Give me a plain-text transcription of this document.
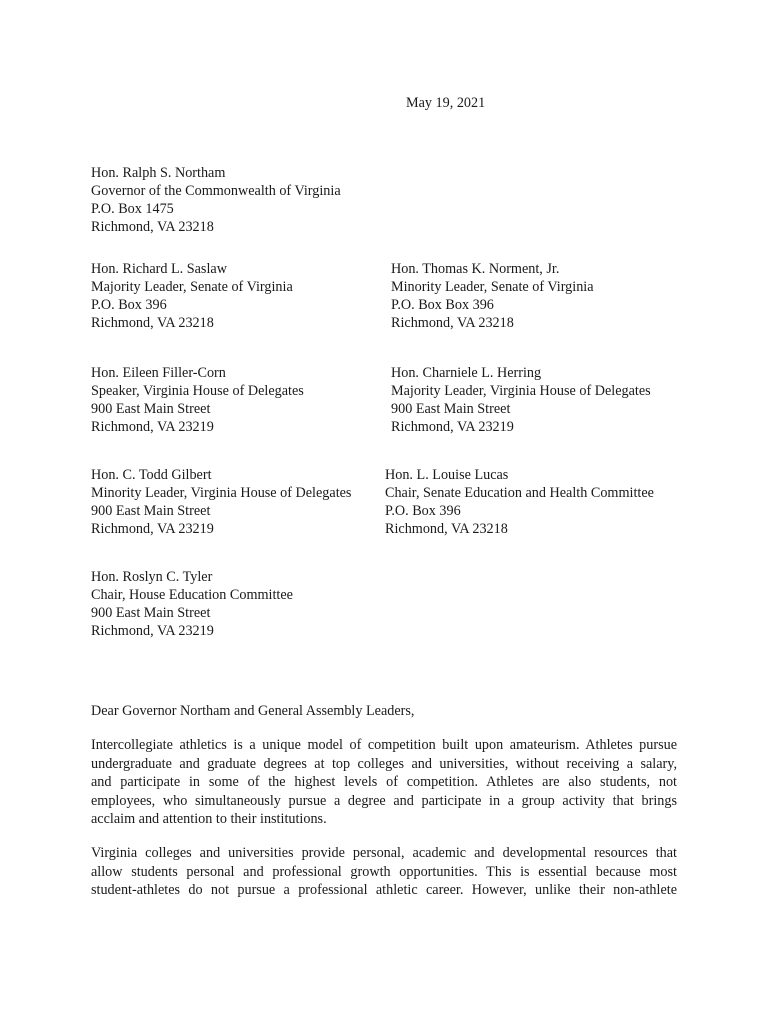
May 19, 2021
Hon. Ralph S. Northam
Governor of the Commonwealth of Virginia
P.O. Box 1475
Richmond, VA 23218
Hon. Richard L. Saslaw
Majority Leader, Senate of Virginia
P.O. Box 396
Richmond, VA 23218
Hon. Thomas K. Norment, Jr.
Minority Leader, Senate of Virginia
P.O. Box Box 396
Richmond, VA 23218
Hon. Eileen Filler-Corn
Speaker, Virginia House of Delegates
900 East Main Street
Richmond, VA 23219
Hon. Charniele L. Herring
Majority Leader, Virginia House of Delegates
900 East Main Street
Richmond, VA 23219
Hon. C. Todd Gilbert
Minority Leader, Virginia House of Delegates
900 East Main Street
Richmond, VA 23219
Hon. L. Louise Lucas
Chair, Senate Education and Health Committee
P.O. Box 396
Richmond, VA 23218
Hon. Roslyn C. Tyler
Chair, House Education Committee
900 East Main Street
Richmond, VA 23219
Dear Governor Northam and General Assembly Leaders,
Intercollegiate athletics is a unique model of competition built upon amateurism. Athletes pursue
undergraduate and graduate degrees at top colleges and universities, without receiving a salary,
and participate in some of the highest levels of competition. Athletes are also students, not
employees, who simultaneously pursue a degree and participate in a group activity that brings
acclaim and attention to their institutions.
Virginia colleges and universities provide personal, academic and developmental resources that
allow students personal and professional growth opportunities. This is essential because most
student-athletes do not pursue a professional athletic career. However, unlike their non-athlete
